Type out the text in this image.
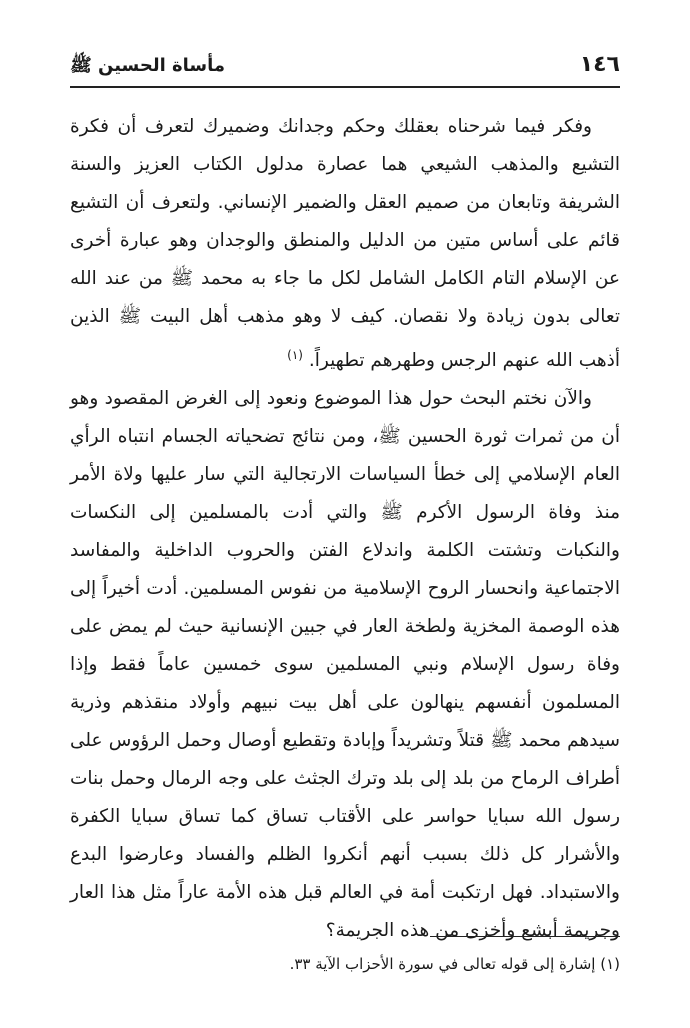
١٤٦
مأساة الحسين ﷺ

وفكر فيما شرحناه بعقلك وحكم وجدانك وضميرك لتعرف أن فكرة التشيع والمذهب الشيعي هما عصارة مدلول الكتاب العزيز والسنة الشريفة وتابعان من صميم العقل والضمير الإنساني. ولتعرف أن التشيع قائم على أساس متين من الدليل والمنطق والوجدان وهو عبارة أخرى عن الإسلام التام الكامل الشامل لكل ما جاء به محمد ﷺ من عند الله تعالى بدون زيادة ولا نقصان. كيف لا وهو مذهب أهل البيت ﷺ الذين أذهب الله عنهم الرجس وطهرهم تطهيراً. $^{(١)}$

والآن نختم البحث حول هذا الموضوع ونعود إلى الغرض المقصود وهو أن من ثمرات ثورة الحسين ﷺ، ومن نتائج تضحياته الجسام انتباه الرأي العام الإسلامي إلى خطأ السياسات الارتجالية التي سار عليها ولاة الأمر منذ وفاة الرسول الأكرم ﷺ والتي أدت بالمسلمين إلى النكسات والنكبات وتشتت الكلمة واندلاع الفتن والحروب الداخلية والمفاسد الاجتماعية وانحسار الروح الإسلامية من نفوس المسلمين. أدت أخيراً إلى هذه الوصمة المخزية ولطخة العار في جبين الإنسانية حيث لم يمض على وفاة رسول الإسلام ونبي المسلمين سوى خمسين عاماً فقط وإذا المسلمون أنفسهم ينهالون على أهل بيت نبيهم وأولاد منقذهم وذرية سيدهم محمد ﷺ قتلاً وتشريداً وإبادة وتقطيع أوصال وحمل الرؤوس على أطراف الرماح من بلد إلى بلد وترك الجثث على وجه الرمال وحمل بنات رسول الله سبايا حواسر على الأقتاب تساق كما تساق سبايا الكفرة والأشرار كل ذلك بسبب أنهم أنكروا الظلم والفساد وعارضوا البدع والاستبداد. فهل ارتكبت أمة في العالم قبل هذه الأمة عاراً مثل هذا العار وجريمة أبشع وأخزى من هذه الجريمة؟

(١) إشارة إلى قوله تعالى في سورة الأحزاب الآية ٣٣.
